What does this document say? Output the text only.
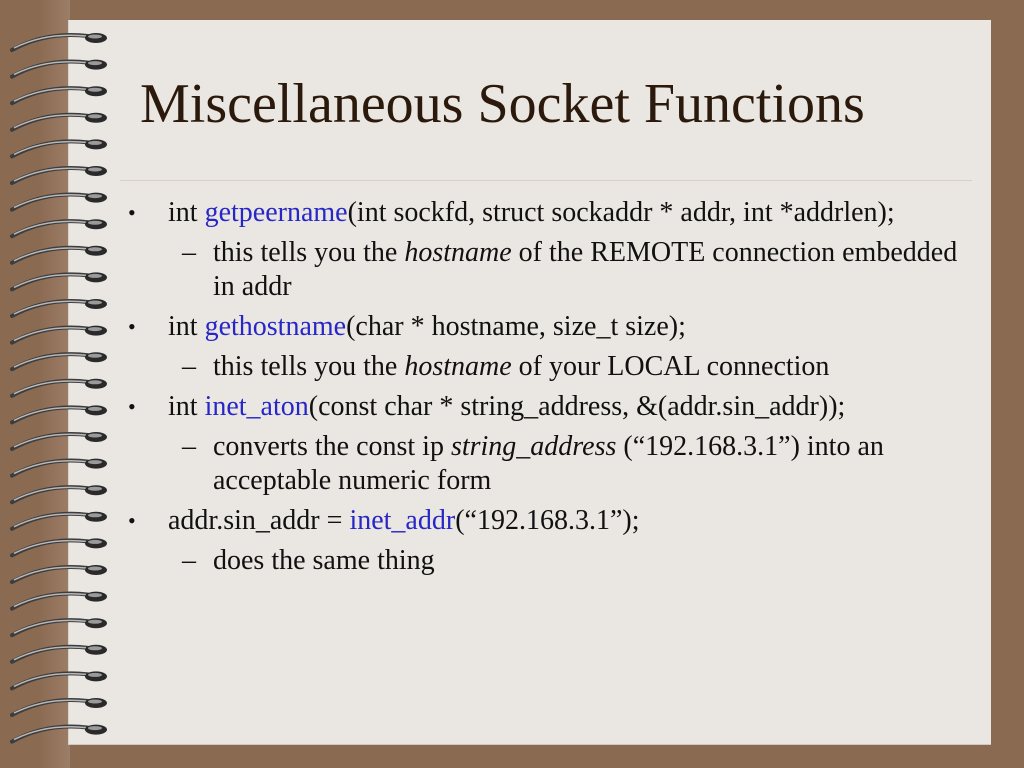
Miscellaneous Socket Functions
• int getpeername(int sockfd, struct sockaddr * addr, int *addrlen);
– this tells you the hostname of the REMOTE connection embedded in addr
• int gethostname(char * hostname, size_t size);
– this tells you the hostname of your LOCAL connection
• int inet_aton(const char * string_address, &(addr.sin_addr));
– converts the const ip string_address (“192.168.3.1”) into an acceptable numeric form
• addr.sin_addr = inet_addr(“192.168.3.1”);
– does the same thing
